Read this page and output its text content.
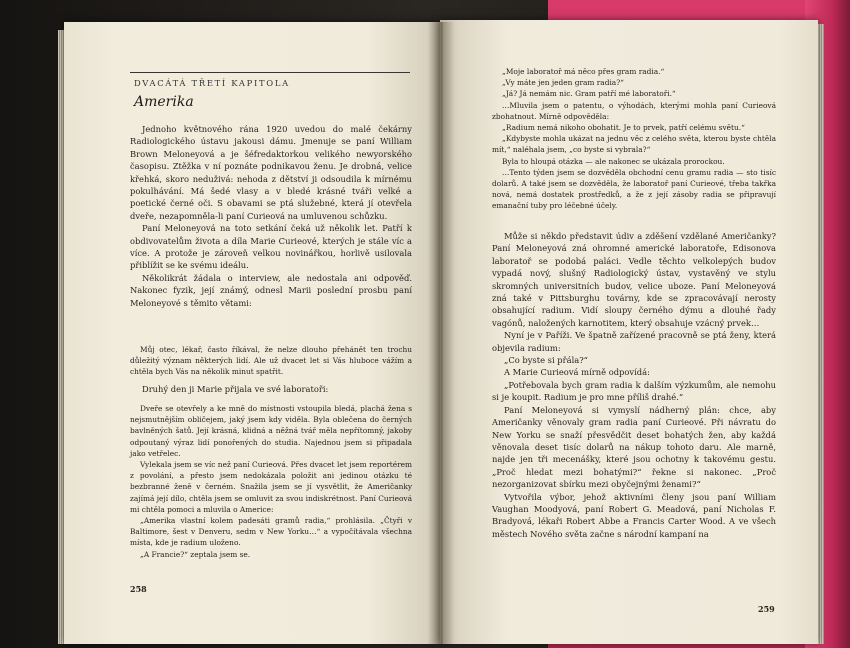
DVACÁTÁ TŘETÍ KAPITOLA
Amerika

Jednoho květnového rána 1920 uvedou do malé čekárny Radiologického ústavu jakousi dámu. Jmenuje se paní William Brown Meloneyová a je šéfredaktorkou velikého newyorského časopisu. Ztěžka v ní poznáte podnikavou ženu. Je drobná, velice křehká, skoro neduživá: nehoda z dětství ji odsoudila k mírnému pokulhávání. Má šedé vlasy a v bledé krásné tváři velké a poetické černé oči. S obavami se ptá služebné, která jí otevřela dveře, nezapomněla-li paní Curieová na umluvenou schůzku.

Paní Meloneyová na toto setkání čeká už několik let. Patří k obdivovatelům života a díla Marie Curieové, kterých je stále víc a více. A protože je zároveň velkou novinářkou, horlivě usilovala přiblížit se ke svému ideálu.

Několikrát žádala o interview, ale nedostala ani odpověď. Nakonec fyzik, její známý, odnesl Marii poslední prosbu paní Meloneyové s těmito větami:

Můj otec, lékař, často říkával, že nelze dlouho přehánět ten trochu důležitý význam některých lidí. Ale už dvacet let si Vás hluboce vážím a chtěla bych Vás na několik minut spatřit.

Druhý den ji Marie přijala ve své laboratoři:

Dveře se otevřely a ke mně do místnosti vstoupila bledá, plachá žena s nejsmutnějším obličejem, jaký jsem kdy viděla. Byla oblečena do černých bavlněných šatů. Její krásná, klidná a něžná tvář měla nepřítomný, jakoby odpoutaný výraz lidí ponořených do studia. Najednou jsem si připadala jako vetřelec.

Vylekala jsem se víc než paní Curieová. Přes dvacet let jsem reportérem z povolání, a přesto jsem nedokázala položit ani jedinou otázku té bezbranné ženě v černém. Snažila jsem se jí vysvětlit, že Američanky zajímá její dílo, chtěla jsem se omluvit za svou indiskrétnost. Paní Curieová mi chtěla pomoci a mluvila o Americe:

„Amerika vlastní kolem padesáti gramů radia,“ prohlásila. „Čtyři v Baltimore, šest v Denveru, sedm v New Yorku…“ a vypočítávala všechna místa, kde je radium uloženo.

„A Francie?“ zeptala jsem se.

258

„Moje laboratoř má něco přes gram radia.“

„Vy máte jen jeden gram radia?“

„Já? Já nemám nic. Gram patří mé laboratoři.“

…Mluvila jsem o patentu, o výhodách, kterými mohla paní Curieová zbohatnout. Mírně odpověděla:

„Radium nemá nikoho obohatit. Je to prvek, patří celému světu.“

„Kdybyste mohla ukázat na jednu věc z celého světa, kterou byste chtěla mít,“ naléhala jsem, „co byste si vybrala?“

Byla to hloupá otázka — ale nakonec se ukázala prorockou.

…Tento týden jsem se dozvěděla obchodní cenu gramu radia — sto tisíc dolarů. A také jsem se dozvěděla, že laboratoř paní Curieové, třeba takřka nová, nemá dostatek prostředků, a že z její zásoby radia se připravují emanační tuby pro léčebné účely.

Může si někdo představit údiv a zděšení vzdělané Američanky? Paní Meloneyová zná ohromné americké laboratoře, Edisonova laboratoř se podobá paláci. Vedle těchto velkolepých budov vypadá nový, slušný Radiologický ústav, vystavěný ve stylu skromných universitních budov, velice uboze. Paní Meloneyová zná také v Pittsburghu továrny, kde se zpracovávají nerosty obsahující radium. Vidí sloupy černého dýmu a dlouhé řady vagónů, naložených karnotitem, který obsahuje vzácný prvek…

Nyní je v Paříži. Ve špatně zařízené pracovně se ptá ženy, která objevila radium:

„Co byste si přála?“

A Marie Curieová mírně odpovídá:

„Potřebovala bych gram radia k dalším výzkumům, ale nemohu si je koupit. Radium je pro mne příliš drahé.“

Paní Meloneyová si vymyslí nádherný plán: chce, aby Američanky věnovaly gram radia paní Curieové. Při návratu do New Yorku se snaží přesvědčit deset bohatých žen, aby každá věnovala deset tisíc dolarů na nákup tohoto daru. Ale marně, najde jen tři mecenášky, které jsou ochotny k takovému gestu. „Proč hledat mezi bohatými?“ řekne si nakonec. „Proč nezorganizovat sbírku mezi obyčejnými ženami?“

Vytvořila výbor, jehož aktivními členy jsou paní William Vaughan Moodyová, paní Robert G. Meadová, paní Nicholas F. Bradyová, lékaři Robert Abbe a Francis Carter Wood. A ve všech městech Nového světa začne s národní kampaní na

259
